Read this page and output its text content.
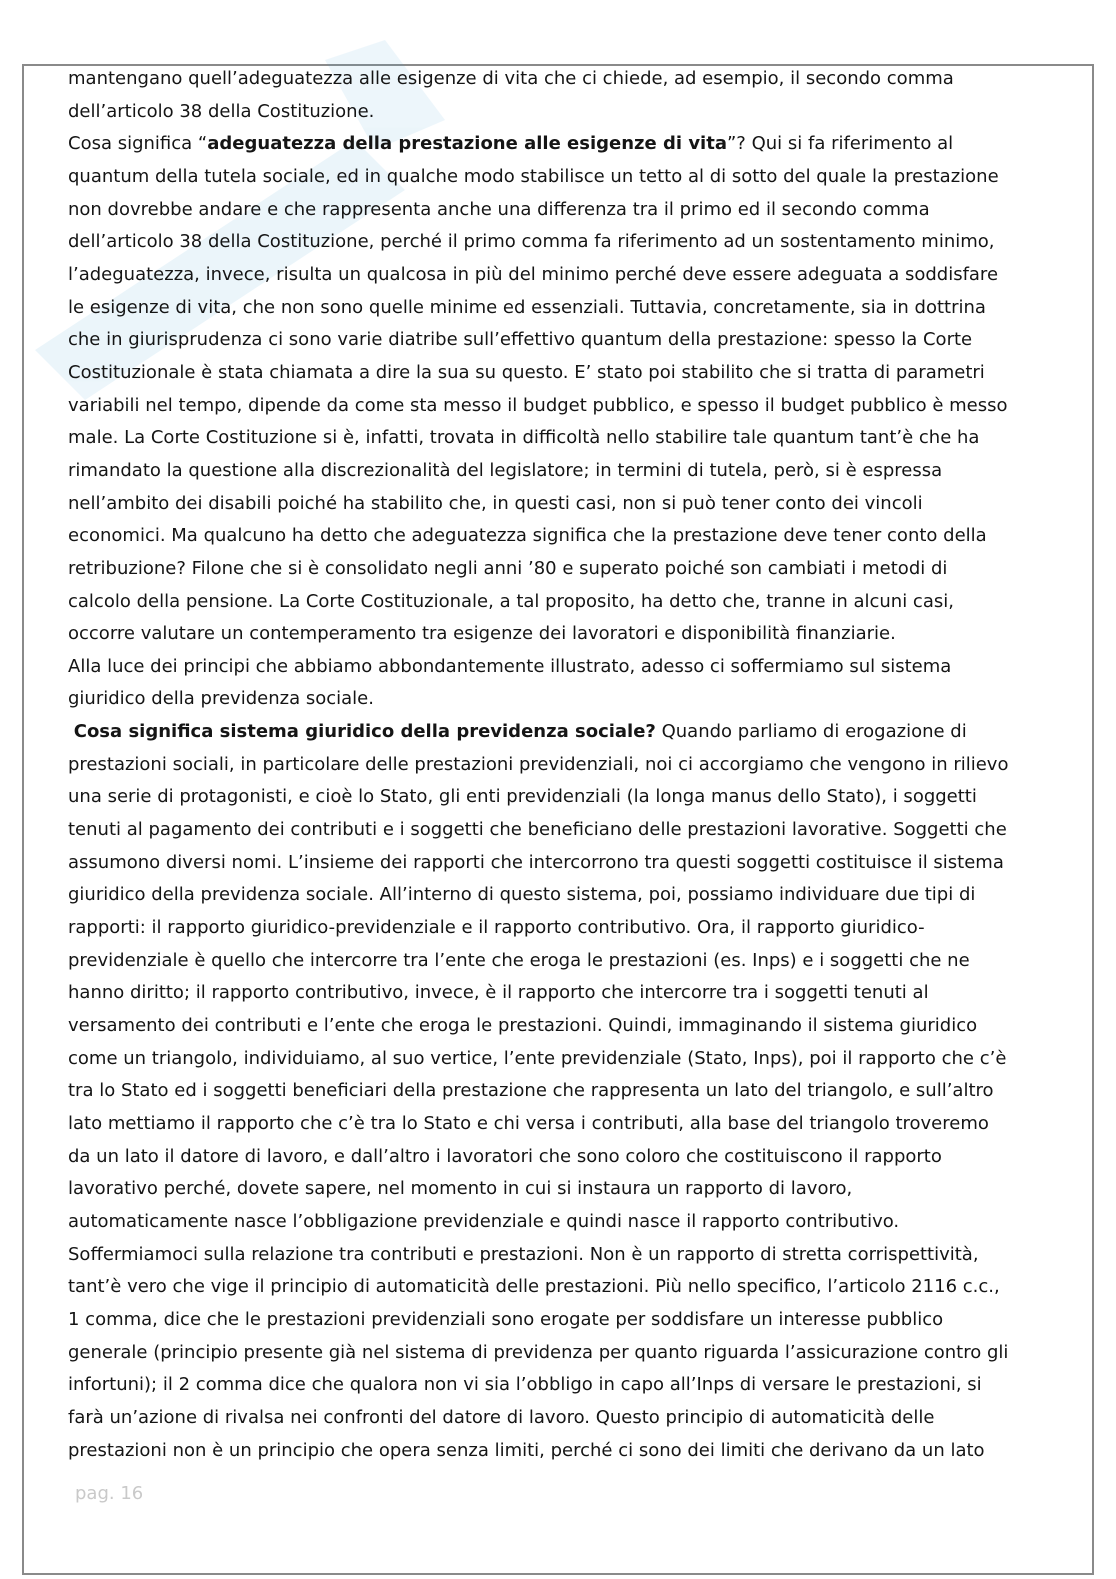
mantengano quell’adeguatezza alle esigenze di vita che ci chiede, ad esempio, il secondo comma
dell’articolo 38 della Costituzione.

Cosa significa “adeguatezza della prestazione alle esigenze di vita”? Qui si fa riferimento al
quantum della tutela sociale, ed in qualche modo stabilisce un tetto al di sotto del quale la prestazione
non dovrebbe andare e che rappresenta anche una differenza tra il primo ed il secondo comma
dell’articolo 38 della Costituzione, perché il primo comma fa riferimento ad un sostentamento minimo,
l’adeguatezza, invece, risulta un qualcosa in più del minimo perché deve essere adeguata a soddisfare
le esigenze di vita, che non sono quelle minime ed essenziali. Tuttavia, concretamente, sia in dottrina
che in giurisprudenza ci sono varie diatribe sull’effettivo quantum della prestazione: spesso la Corte
Costituzionale è stata chiamata a dire la sua su questo. E’ stato poi stabilito che si tratta di parametri
variabili nel tempo, dipende da come sta messo il budget pubblico, e spesso il budget pubblico è messo
male. La Corte Costituzione si è, infatti, trovata in difficoltà nello stabilire tale quantum tant’è che ha
rimandato la questione alla discrezionalità del legislatore; in termini di tutela, però, si è espressa
nell’ambito dei disabili poiché ha stabilito che, in questi casi, non si può tener conto dei vincoli
economici. Ma qualcuno ha detto che adeguatezza significa che la prestazione deve tener conto della
retribuzione? Filone che si è consolidato negli anni ’80 e superato poiché son cambiati i metodi di
calcolo della pensione. La Corte Costituzionale, a tal proposito, ha detto che, tranne in alcuni casi,
occorre valutare un contemperamento tra esigenze dei lavoratori e disponibilità finanziarie.

Alla luce dei principi che abbiamo abbondantemente illustrato, adesso ci soffermiamo sul sistema
giuridico della previdenza sociale.

Cosa significa sistema giuridico della previdenza sociale? Quando parliamo di erogazione di
prestazioni sociali, in particolare delle prestazioni previdenziali, noi ci accorgiamo che vengono in rilievo
una serie di protagonisti, e cioè lo Stato, gli enti previdenziali (la longa manus dello Stato), i soggetti
tenuti al pagamento dei contributi e i soggetti che beneficiano delle prestazioni lavorative. Soggetti che
assumono diversi nomi. L’insieme dei rapporti che intercorrono tra questi soggetti costituisce il sistema
giuridico della previdenza sociale. All’interno di questo sistema, poi, possiamo individuare due tipi di
rapporti: il rapporto giuridico-previdenziale e il rapporto contributivo. Ora, il rapporto giuridico-
previdenziale è quello che intercorre tra l’ente che eroga le prestazioni (es. Inps) e i soggetti che ne
hanno diritto; il rapporto contributivo, invece, è il rapporto che intercorre tra i soggetti tenuti al
versamento dei contributi e l’ente che eroga le prestazioni. Quindi, immaginando il sistema giuridico
come un triangolo, individuiamo, al suo vertice, l’ente previdenziale (Stato, Inps), poi il rapporto che c’è
tra lo Stato ed i soggetti beneficiari della prestazione che rappresenta un lato del triangolo, e sull’altro
lato mettiamo il rapporto che c’è tra lo Stato e chi versa i contributi, alla base del triangolo troveremo
da un lato il datore di lavoro, e dall’altro i lavoratori che sono coloro che costituiscono il rapporto
lavorativo perché, dovete sapere, nel momento in cui si instaura un rapporto di lavoro,
automaticamente nasce l’obbligazione previdenziale e quindi nasce il rapporto contributivo.

Soffermiamoci sulla relazione tra contributi e prestazioni. Non è un rapporto di stretta corrispettività,
tant’è vero che vige il principio di automaticità delle prestazioni. Più nello specifico, l’articolo 2116 c.c.,
1 comma, dice che le prestazioni previdenziali sono erogate per soddisfare un interesse pubblico
generale (principio presente già nel sistema di previdenza per quanto riguarda l’assicurazione contro gli
infortuni); il 2 comma dice che qualora non vi sia l’obbligo in capo all’Inps di versare le prestazioni, si
farà un’azione di rivalsa nei confronti del datore di lavoro. Questo principio di automaticità delle
prestazioni non è un principio che opera senza limiti, perché ci sono dei limiti che derivano da un lato

pag. 16
